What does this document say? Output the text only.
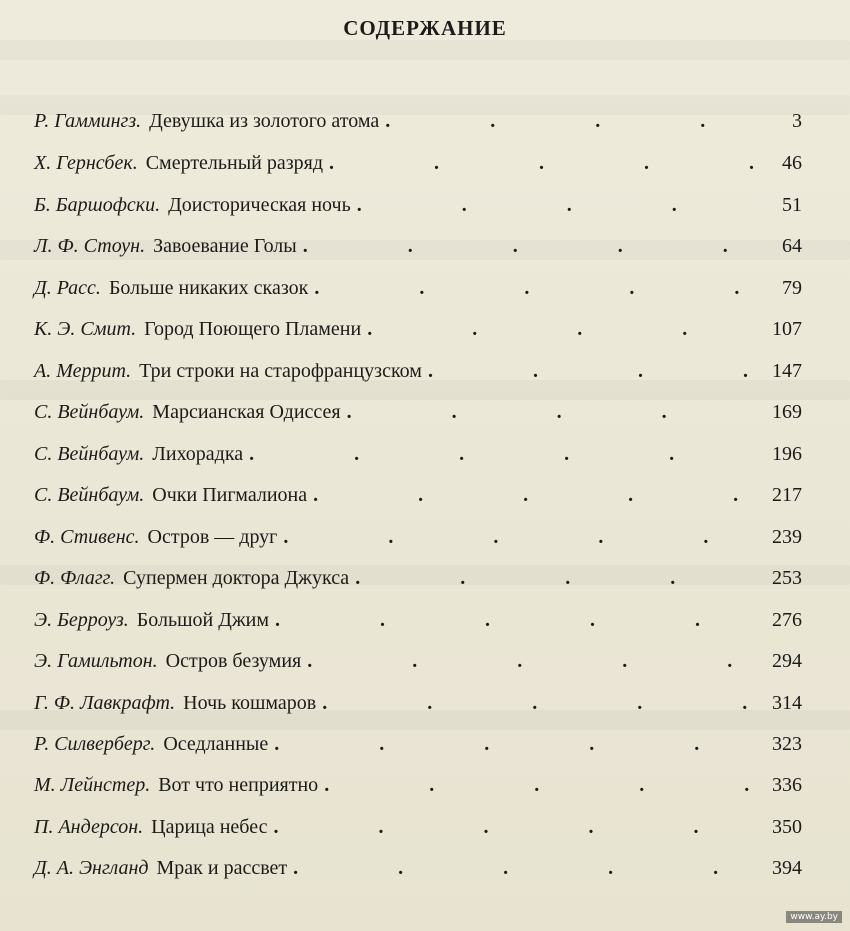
СОДЕРЖАНИЕ
Р. Гаммингз. Девушка из золотого атома .	3
Х. Гернсбек. Смертельный разряд .	46
Б. Баршофски. Доисторическая ночь .	51
Л. Ф. Стоун. Завоевание Голы .	64
Д. Расс. Больше никаких сказок .	79
К. Э. Смит. Город Поющего Пламени .	107
А. Меррит. Три строки на старофранцузском .	147
С. Вейнбаум. Марсианская Одиссея .	169
С. Вейнбаум. Лихорадка .	196
С. Вейнбаум. Очки Пигмалиона .	217
Ф. Стивенс. Остров — друг .	239
Ф. Флагг. Супермен доктора Джукса .	253
Э. Берроуз. Большой Джим .	276
Э. Гамильтон. Остров безумия .	294
Г. Ф. Лавкрафт. Ночь кошмаров .	314
Р. Силверберг. Оседланные .	323
М. Лейнстер. Вот что неприятно .	336
П. Андерсон. Царица небес .	350
Д. А. Энгланд Мрак и рассвет .	394
www.ay.by
